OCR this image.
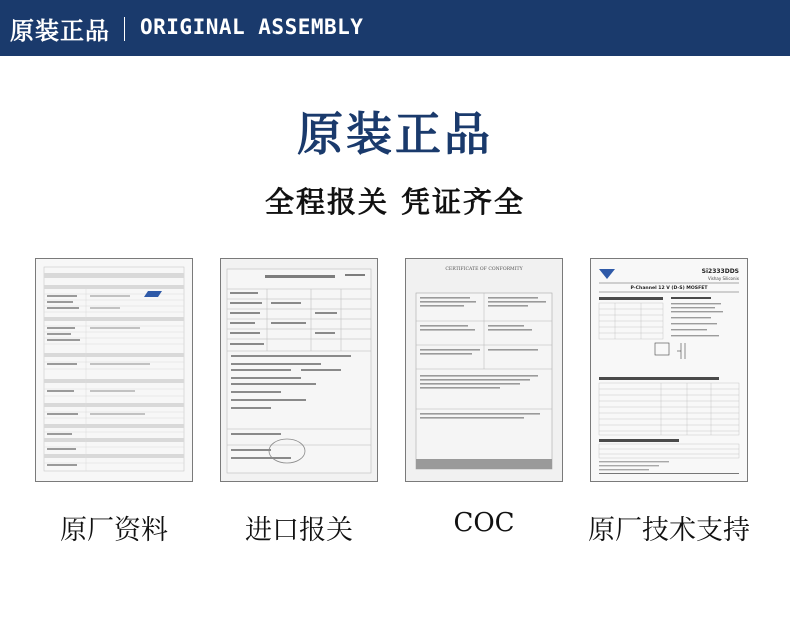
原装正品 ORIGINAL ASSEMBLY
原装正品
全程报关 凭证齐全
CERTIFICATE OF CONFORMITY	Si2333DDS
Vishay Siliconix
P-Channel 12 V (D-S) MOSFET
原厂资料	进口报关	COC	原厂技术支持
